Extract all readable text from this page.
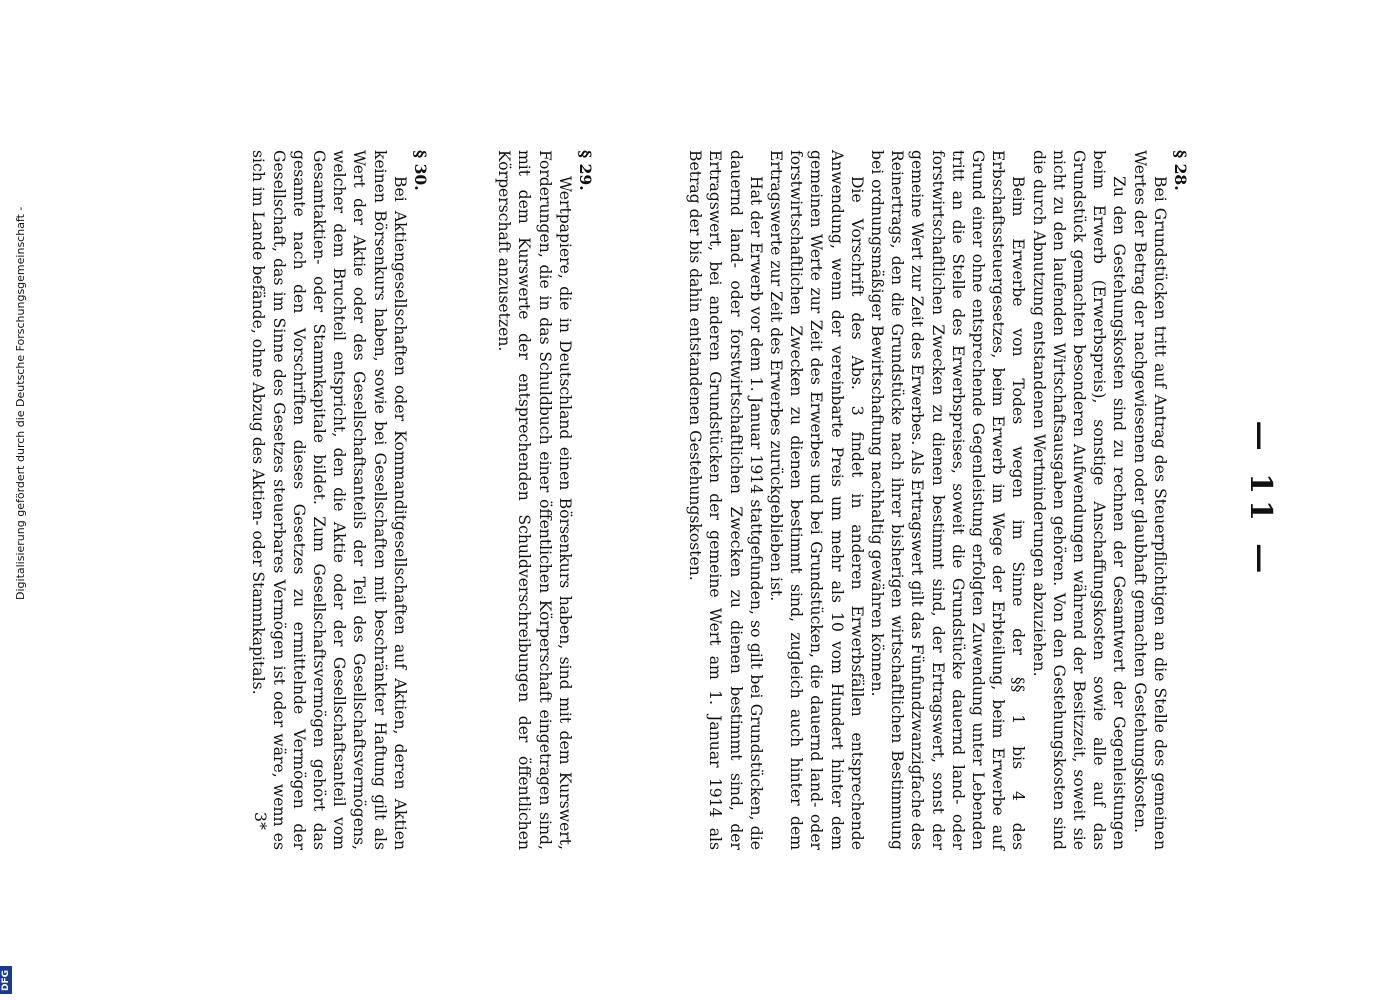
— 11 —

§ 28.

Bei Grundstücken tritt auf Antrag des Steuerpflichtigen an die Stelle des gemeinen Wertes der Betrag der nachgewiesenen oder glaubhaft gemachten Gestehungskosten.

Zu den Gestehungskosten sind zu rechnen der Gesamtwert der Gegenleistungen beim Erwerb (Erwerbspreis), sonstige Anschaffungskosten sowie alle auf das Grundstück gemachten besonderen Aufwendungen während der Besitzzeit, soweit sie nicht zu den laufenden Wirtschaftsausgaben gehören. Von den Gestehungskosten sind die durch Abnutzung entstandenen Wertminderungen abzuziehen.

Beim Erwerbe von Todes wegen im Sinne der §§ 1 bis 4 des Erbschaftssteuergesetzes, beim Erwerb im Wege der Erbteilung, beim Erwerbe auf Grund einer ohne entsprechende Gegenleistung erfolgten Zuwendung unter Lebenden tritt an die Stelle des Erwerbspreises, soweit die Grundstücke dauernd land- oder forstwirtschaftlichen Zwecken zu dienen bestimmt sind, der Ertragswert, sonst der gemeine Wert zur Zeit des Erwerbes. Als Ertragswert gilt das Fünfundzwanzigfache des Reinertrags, den die Grundstücke nach ihrer bisherigen wirtschaftlichen Bestimmung bei ordnungsmäßiger Bewirtschaftung nachhaltig gewähren können.

Die Vorschrift des Abs. 3 findet in anderen Erwerbsfällen entsprechende Anwendung, wenn der vereinbarte Preis um mehr als 10 vom Hundert hinter dem gemeinen Werte zur Zeit des Erwerbes und bei Grundstücken, die dauernd land- oder forstwirtschaftlichen Zwecken zu dienen bestimmt sind, zugleich auch hinter dem Ertragswerte zur Zeit des Erwerbes zurückgeblieben ist.

Hat der Erwerb vor dem 1. Januar 1914 stattgefunden, so gilt bei Grundstücken, die dauernd land- oder forstwirtschaftlichen Zwecken zu dienen bestimmt sind, der Ertragswert, bei anderen Grundstücken der gemeine Wert am 1. Januar 1914 als Betrag der bis dahin entstandenen Gestehungskosten.

§ 29.

Wertpapiere, die in Deutschland einen Börsenkurs haben, sind mit dem Kurswert, Forderungen, die in das Schuldbuch einer öffentlichen Körperschaft eingetragen sind, mit dem Kurswerte der entsprechenden Schuldverschreibungen der öffentlichen Körperschaft anzusetzen.

§ 30.

Bei Aktiengesellschaften oder Kommanditgesellschaften auf Aktien, deren Aktien keinen Börsenkurs haben, sowie bei Gesellschaften mit beschränkter Haftung gilt als Wert der Aktie oder des Gesellschaftsanteils der Teil des Gesellschaftsvermögens, welcher dem Bruchteil entspricht, den die Aktie oder der Gesellschaftsanteil vom Gesamtaktien- oder Stammkapitale bildet. Zum Gesellschaftsvermögen gehört das gesamte nach den Vorschriften dieses Gesetzes zu ermittelnde Vermögen der Gesellschaft, das im Sinne des Gesetzes steuerbares Vermögen ist oder wäre, wenn es sich im Lande befände, ohne Abzug des Aktien- oder Stammkapitals.

3*
Digitalisierung gefördert durch die Deutsche Forschungsgemeinschaft -
DFG
